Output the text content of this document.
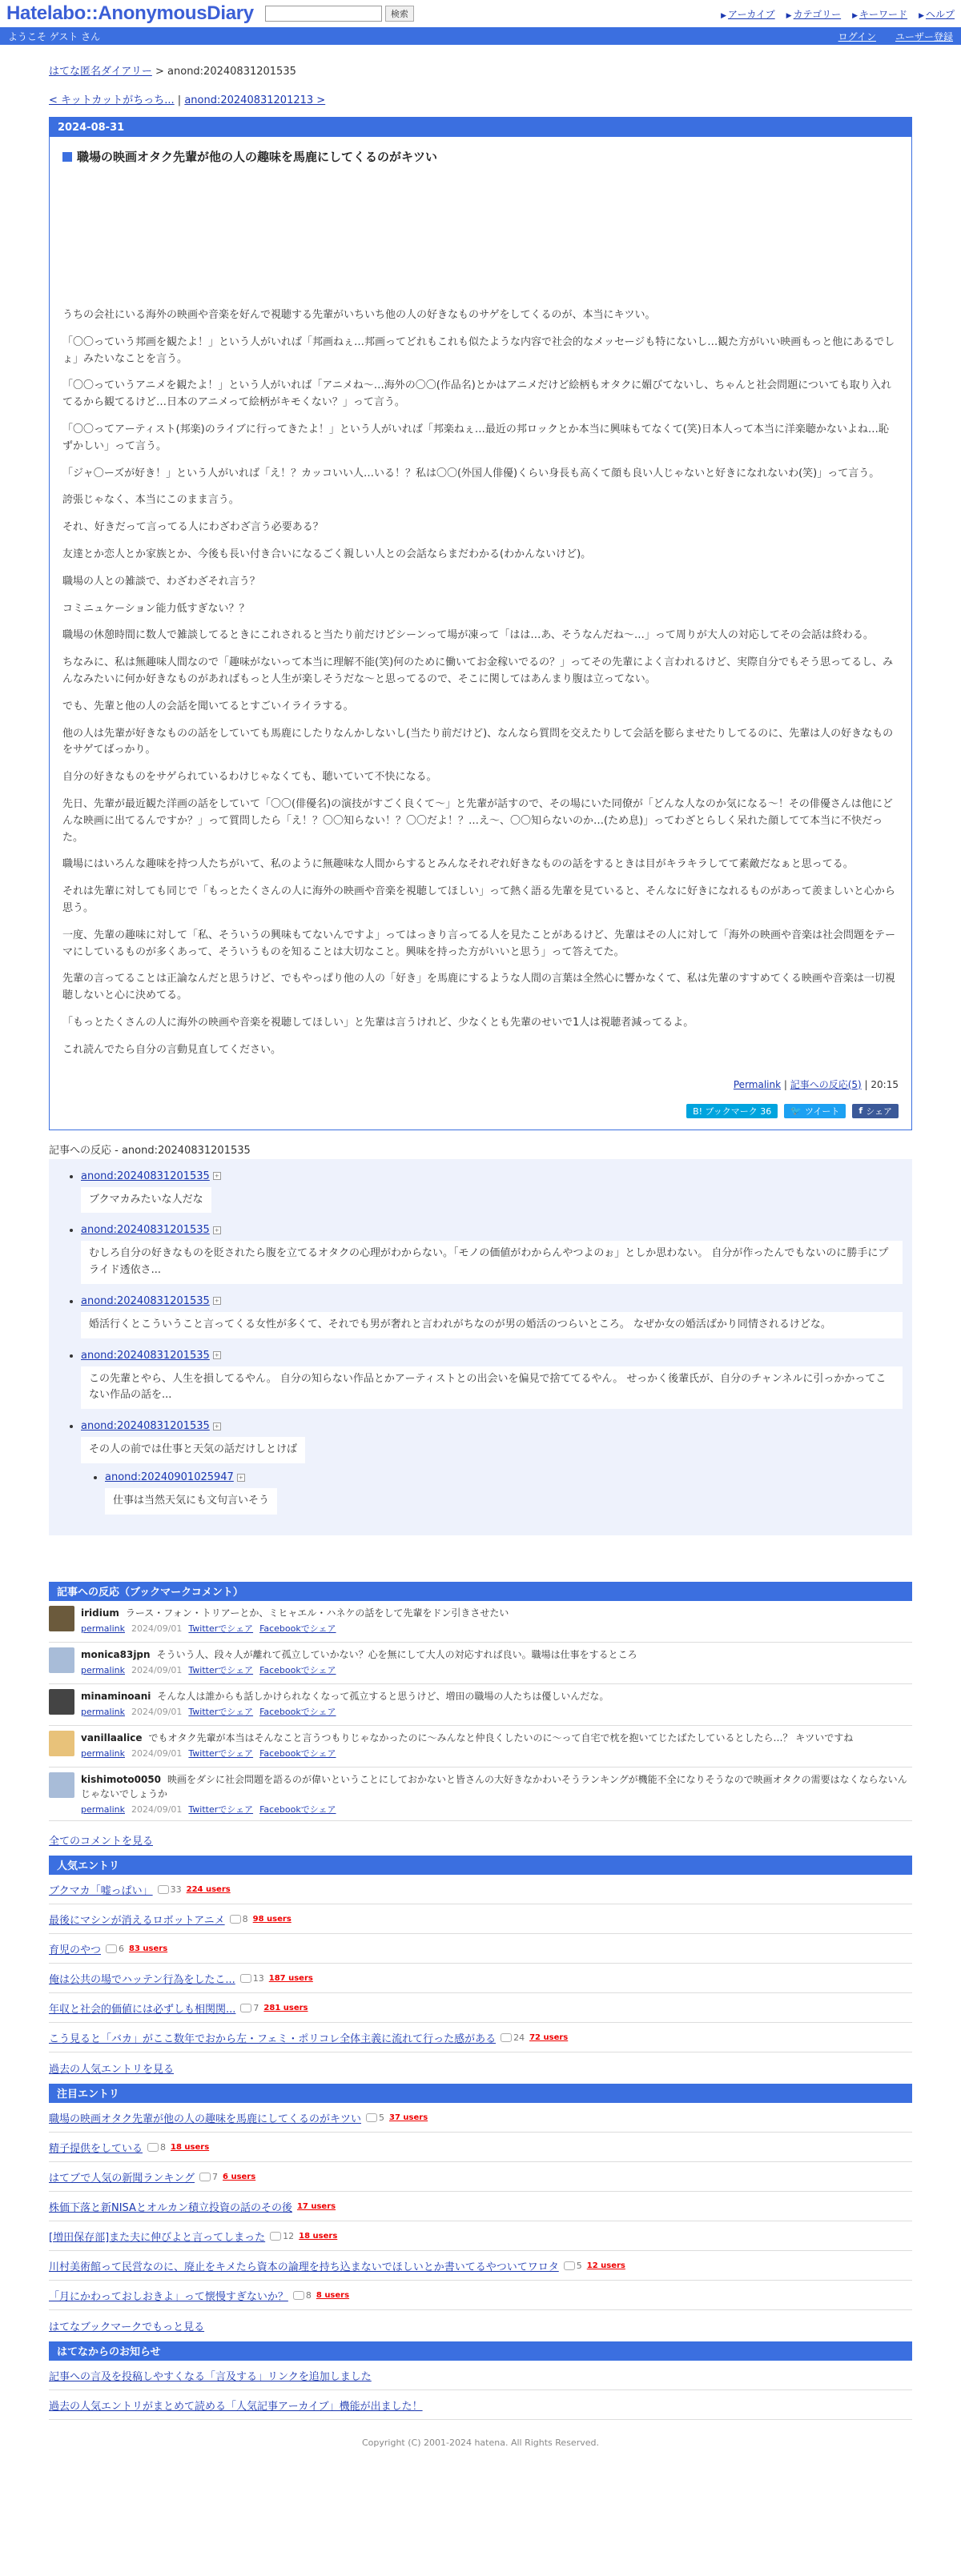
Hatelabo::AnonymousDiary	検索	▶ アーカイブ ▶ カテゴリー ▶ キーワード ▶ ヘルプ
ようこそ ゲスト さん	ログイン ユーザー登録
はてな匿名ダイアリー > anond:20240831201535
< キットカットがちっち... | anond:20240831201213 >
2024-08-31
職場の映画オタク先輩が他の人の趣味を馬鹿にしてくるのがキツい

うちの会社にいる海外の映画や音楽を好んで視聴する先輩がいちいち他の人の好きなものサゲをしてくるのが、本当にキツい。

「〇〇っていう邦画を観たよ！」という人がいれば「邦画ねぇ…邦画ってどれもこれも似たような内容で社会的なメッセージも特にないし…観た方がいい映画もっと他にあるでしょ」みたいなことを言う。

「〇〇っていうアニメを観たよ！」という人がいれば「アニメね〜…海外の〇〇(作品名)とかはアニメだけど絵柄もオタクに媚びてないし、ちゃんと社会問題についても取り入れてるから観てるけど…日本のアニメって絵柄がキモくない？」って言う。

「〇〇ってアーティスト(邦楽)のライブに行ってきたよ！」という人がいれば「邦楽ねぇ…最近の邦ロックとか本当に興味もてなくて(笑)日本人って本当に洋楽聴かないよね…恥ずかしい」って言う。

「ジャ〇ーズが好き！」という人がいれば「え！？カッコいい人…いる！？私は〇〇(外国人俳優)くらい身長も高くて顔も良い人じゃないと好きになれないわ(笑)」って言う。

誇張じゃなく、本当にこのまま言う。

それ、好きだって言ってる人にわざわざ言う必要ある？

友達とか恋人とか家族とか、今後も長い付き合いになるごく親しい人との会話ならまだわかる(わかんないけど)。

職場の人との雑談で、わざわざそれ言う？

コミニュケーション能力低すぎない？？

職場の休憩時間に数人で雑談してるときにこれされると当たり前だけどシーンって場が凍って「はは…あ、そうなんだね〜…」って周りが大人の対応してその会話は終わる。

ちなみに、私は無趣味人間なので「趣味がないって本当に理解不能(笑)何のために働いてお金稼いでるの？」ってその先輩によく言われるけど、実際自分でもそう思ってるし、みんなみたいに何か好きなものがあればもっと人生が楽しそうだな〜と思ってるので、そこに関してはあんまり腹は立ってない。

でも、先輩と他の人の会話を聞いてるとすごいイライラする。

他の人は先輩が好きなものの話をしていても馬鹿にしたりなんかしないし(当たり前だけど)、なんなら質問を交えたりして会話を膨らませたりしてるのに、先輩は人の好きなものをサゲてばっかり。

自分の好きなものをサゲられているわけじゃなくても、聴いていて不快になる。

先日、先輩が最近観た洋画の話をしていて「〇〇(俳優名)の演技がすごく良くて〜」と先輩が話すので、その場にいた同僚が「どんな人なのか気になる〜！その俳優さんは他にどんな映画に出てるんですか？」って質問したら「え！？〇〇知らない！？〇〇だよ！？…え〜、〇〇知らないのか…(ため息)」ってわざとらしく呆れた顔してて本当に不快だった。

職場にはいろんな趣味を持つ人たちがいて、私のように無趣味な人間からするとみんなそれぞれ好きなものの話をするときは目がキラキラしてて素敵だなぁと思ってる。

それは先輩に対しても同じで「もっとたくさんの人に海外の映画や音楽を視聴してほしい」って熱く語る先輩を見ていると、そんなに好きになれるものがあって羨ましいと心から思う。

一度、先輩の趣味に対して「私、そういうの興味もてないんですよ」ってはっきり言ってる人を見たことがあるけど、先輩はその人に対して「海外の映画や音楽は社会問題をテーマにしているものが多くあって、そういうものを知ることは大切なこと。興味を持った方がいいと思う」って答えてた。

先輩の言ってることは正論なんだと思うけど、でもやっぱり他の人の「好き」を馬鹿にするような人間の言葉は全然心に響かなくて、私は先輩のすすめてくる映画や音楽は一切視聴しないと心に決めてる。

「もっとたくさんの人に海外の映画や音楽を視聴してほしい」と先輩は言うけれど、少なくとも先輩のせいで1人は視聴者減ってるよ。

これ読んでたら自分の言動見直してください。

Permalink | 記事への反応(5) | 20:15
B! ブックマーク 36	🐦 ツイート f シェア
記事への反応 - anond:20240831201535
• anond:20240831201535 +
ブクマカみたいな人だな
• anond:20240831201535 +
むしろ自分の好きなものを貶されたら腹を立てるオタクの心理がわからない。「モノの価値がわからんやつよのぉ」としか思わない。 自分が作ったんでもないのに勝手にプライド透依さ...
• anond:20240831201535 +
婚活行くとこういうこと言ってくる女性が多くて、それでも男が奢れと言われがちなのが男の婚活のつらいところ。 なぜか女の婚活ばかり同情されるけどな。
• anond:20240831201535 +
この先輩とやら、人生を損してるやん。 自分の知らない作品とかアーティストとの出会いを偏見で捨ててるやん。 せっかく後輩氏が、自分のチャンネルに引っかかってこない作品の話を...
• anond:20240831201535 +
その人の前では仕事と天気の話だけしとけば
• anond:20240901025947 +
仕事は当然天気にも文句言いそう
記事への反応（ブックマークコメント）
iridium ラース・フォン・トリアーとか、ミヒャエル・ハネケの話をして先輩をドン引きさせたい
permalink 2024/09/01 Twitterでシェア Facebookでシェア
monica83jpn そういう人、段々人が離れて孤立していかない？心を無にして大人の対応すれば良い。職場は仕事をするところ
permalink 2024/09/01 Twitterでシェア Facebookでシェア
minaminoani そんな人は誰からも話しかけられなくなって孤立すると思うけど、増田の職場の人たちは優しいんだな。
permalink 2024/09/01 Twitterでシェア Facebookでシェア
vanillaalice でもオタク先輩が本当はそんなこと言うつもりじゃなかったのに～みんなと仲良くしたいのに～って自宅で枕を抱いてじたばたしているとしたら…？ キツいですね
permalink 2024/09/01 Twitterでシェア Facebookでシェア
kishimoto0050 映画をダシに社会問題を語るのが偉いということにしておかないと皆さんの大好きなかわいそうランキングが機能不全になりそうなので映画オタクの需要はなくならないんじゃないでしょうか
permalink 2024/09/01 Twitterでシェア Facebookでシェア
全てのコメントを見る
人気エントリ
ブクマカ「嘘っぱい」 33 224 users
最後にマシンが消えるロボットアニメ 8 98 users
育児のやつ 6 83 users
俺は公共の場でハッテン行為をしたこ... 13 187 users
年収と社会的価値には必ずしも相関関... 7 281 users
こう見ると「バカ」がここ数年でおから左・フェミ・ポリコレ全体主義に流れて行った感がある 24 72 users
過去の人気エントリを見る
注目エントリ
職場の映画オタク先輩が他の人の趣味を馬鹿にしてくるのがキツい 5 37 users
精子提供をしている 8 18 users
はてブで人気の新聞ランキング 7 6 users
株価下落と新NISAとオルカン積立投資の話のその後 17 users
[増田保存部]また夫に伸びよと言ってしまった 12 18 users
川村美術館って民営なのに、廃止をキメたら資本の論理を持ち込まないでほしいとか書いてるやついてワロタ 5 12 users
「月にかわっておしおきよ」って懐慢すぎないか？ 8 8 users
はてなブックマークでもっと見る
はてなからのお知らせ
記事への言及を投稿しやすくなる「言及する」リンクを追加しました
過去の人気エントリがまとめて読める「人気記事アーカイブ」機能が出ました！
Copyright (C) 2001-2024 hatena. All Rights Reserved.
